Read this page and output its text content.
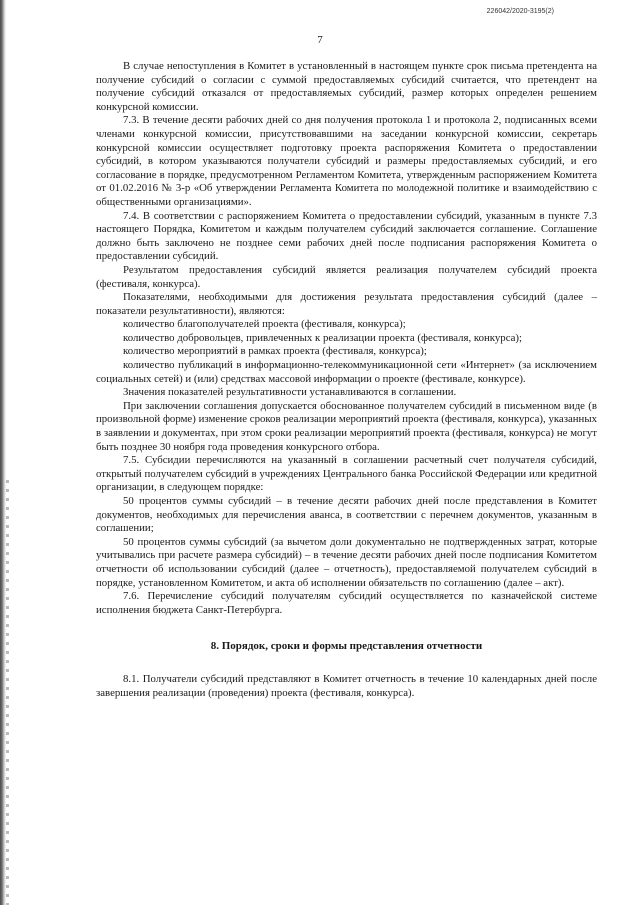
226042/2020-3195(2)
7

В случае непоступления в Комитет в установленный в настоящем пункте срок письма претендента на получение субсидий о согласии с суммой предоставляемых субсидий считается, что претендент на получение субсидий отказался от предоставляемых субсидий, размер которых определен решением конкурсной комиссии.

7.3. В течение десяти рабочих дней со дня получения протокола 1 и протокола 2, подписанных всеми членами конкурсной комиссии, присутствовавшими на заседании конкурсной комиссии, секретарь конкурсной комиссии осуществляет подготовку проекта распоряжения Комитета о предоставлении субсидий, в котором указываются получатели субсидий и размеры предоставляемых субсидий, и его согласование в порядке, предусмотренном Регламентом Комитета, утвержденным распоряжением Комитета от 01.02.2016 № 3-р «Об утверждении Регламента Комитета по молодежной политике и взаимодействию с общественными организациями».

7.4. В соответствии с распоряжением Комитета о предоставлении субсидий, указанным в пункте 7.3 настоящего Порядка, Комитетом и каждым получателем субсидий заключается соглашение. Соглашение должно быть заключено не позднее семи рабочих дней после подписания распоряжения Комитета о предоставлении субсидий.

Результатом предоставления субсидий является реализация получателем субсидий проекта (фестиваля, конкурса).

Показателями, необходимыми для достижения результата предоставления субсидий (далее – показатели результативности), являются:

количество благополучателей проекта (фестиваля, конкурса);

количество добровольцев, привлеченных к реализации проекта (фестиваля, конкурса);

количество мероприятий в рамках проекта (фестиваля, конкурса);

количество публикаций в информационно-телекоммуникационной сети «Интернет» (за исключением социальных сетей) и (или) средствах массовой информации о проекте (фестивале, конкурсе).

Значения показателей результативности устанавливаются в соглашении.

При заключении соглашения допускается обоснованное получателем субсидий в письменном виде (в произвольной форме) изменение сроков реализации мероприятий проекта (фестиваля, конкурса), указанных в заявлении и документах, при этом сроки реализации мероприятий проекта (фестиваля, конкурса) не могут быть позднее 30 ноября года проведения конкурсного отбора.

7.5. Субсидии перечисляются на указанный в соглашении расчетный счет получателя субсидий, открытый получателем субсидий в учреждениях Центрального банка Российской Федерации или кредитной организации, в следующем порядке:

50 процентов суммы субсидий – в течение десяти рабочих дней после представления в Комитет документов, необходимых для перечисления аванса, в соответствии с перечнем документов, указанным в соглашении;

50 процентов суммы субсидий (за вычетом доли документально не подтвержденных затрат, которые учитывались при расчете размера субсидий) – в течение десяти рабочих дней после подписания Комитетом отчетности об использовании субсидий (далее – отчетность), предоставляемой получателем субсидий в порядке, установленном Комитетом, и акта об исполнении обязательств по соглашению (далее – акт).

7.6. Перечисление субсидий получателям субсидий осуществляется по казначейской системе исполнения бюджета Санкт-Петербурга.

8. Порядок, сроки и формы представления отчетности

8.1. Получатели субсидий представляют в Комитет отчетность в течение 10 календарных дней после завершения реализации (проведения) проекта (фестиваля, конкурса).
